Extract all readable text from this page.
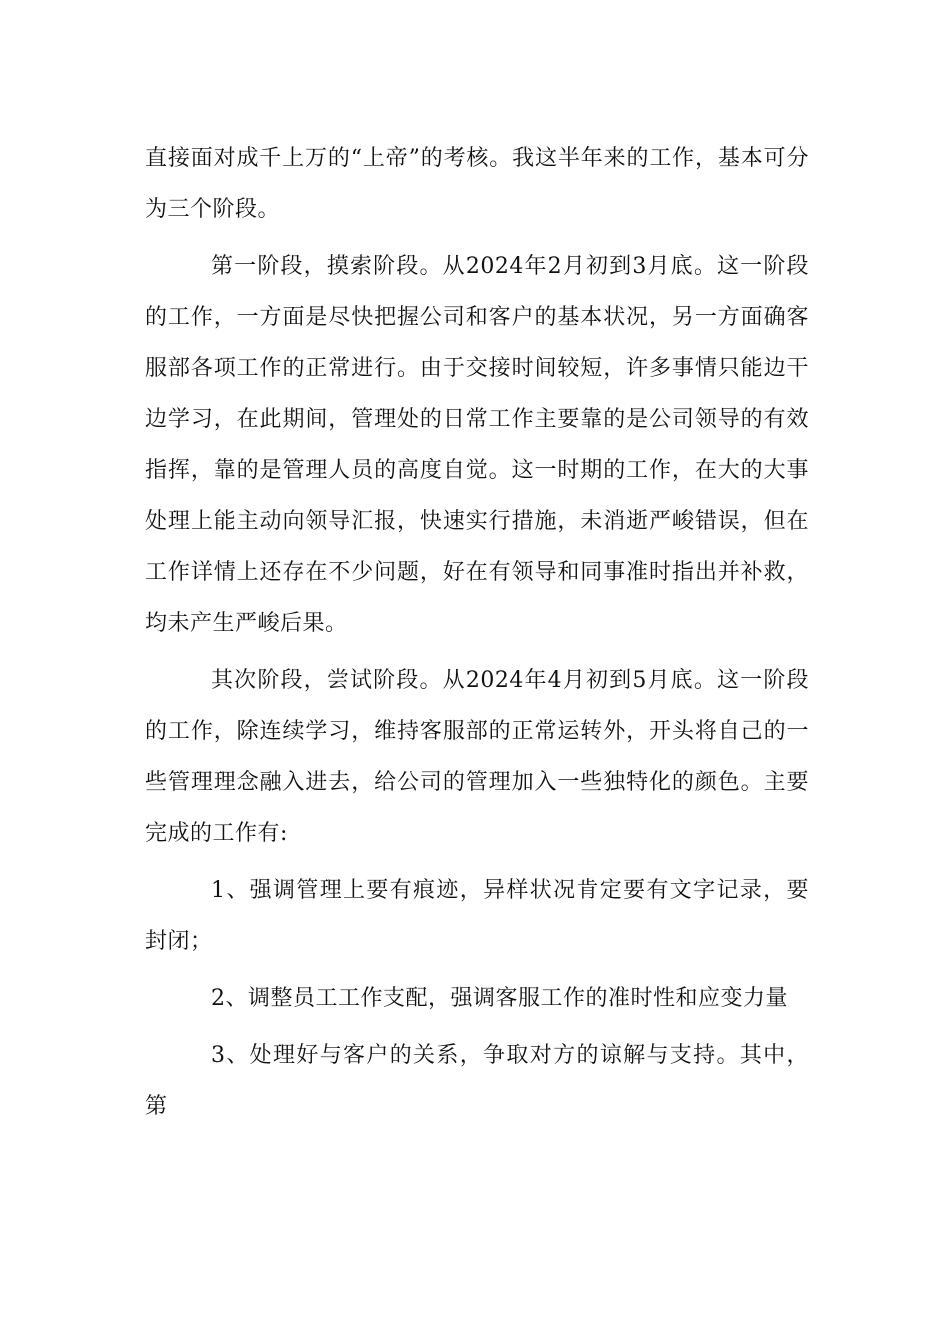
直接面对成千上万的“上帝”的考核。我这半年来的工作，基本可分为三个阶段。

第一阶段，摸索阶段。从2024年2月初到3月底。这一阶段的工作，一方面是尽快把握公司和客户的基本状况，另一方面确客服部各项工作的正常进行。由于交接时间较短，许多事情只能边干边学习，在此期间，管理处的日常工作主要靠的是公司领导的有效指挥，靠的是管理人员的高度自觉。这一时期的工作，在大的大事处理上能主动向领导汇报，快速实行措施，未消逝严峻错误，但在工作详情上还存在不少问题，好在有领导和同事准时指出并补救，均未产生严峻后果。

其次阶段，尝试阶段。从2024年4月初到5月底。这一阶段的工作，除连续学习，维持客服部的正常运转外，开头将自己的一些管理理念融入进去，给公司的管理加入一些独特化的颜色。主要完成的工作有:

1、强调管理上要有痕迹，异样状况肯定要有文字记录，要封闭；

2、调整员工工作支配，强调客服工作的准时性和应变力量

3、处理好与客户的关系，争取对方的谅解与支持。其中，第
